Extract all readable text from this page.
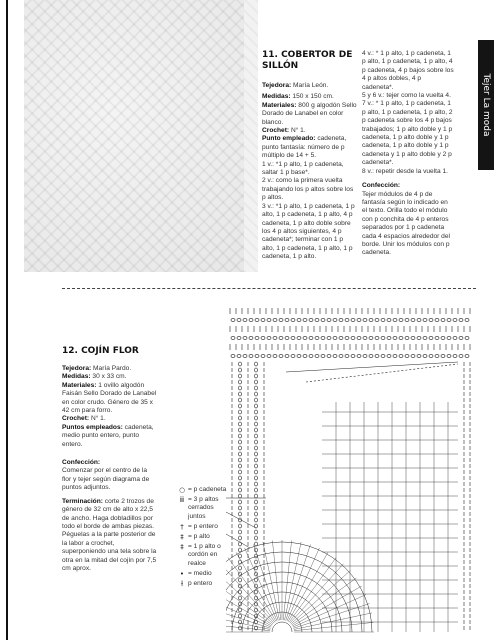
Tejer La moda
11. COBERTOR DE SILLÓN

Tejedora: María León.

Medidas: 150 x 150 cm.

Materiales: 800 g algodón Sello Dorado de Lanabel en color blanco.

Crochet: N° 1.

Punto empleado: cadeneta, punto fantasía: número de p múltiplo de 14 + 5.

1 v.: *1 p alto, 1 p cadeneta, saltar 1 p base*.

2 v.: como la primera vuelta trabajando los p altos sobre los p altos.

3 v.: *1 p alto, 1 p cadeneta, 1 p alto, 1 p cadeneta, 1 p alto, 4 p cadeneta, 1 p alto doble sobre los 4 p altos siguientes, 4 p cadeneta*; terminar con 1 p alto, 1 p cadeneta, 1 p alto, 1 p cadeneta, 1 p alto.

4 v.: * 1 p alto, 1 p cadeneta, 1 p alto, 1 p cadeneta, 1 p alto, 4 p cadeneta, 4 p bajos sobre los 4 p altos dobles, 4 p cadeneta*.

5 y 6 v.: tejer como la vuelta 4.

7 v.: * 1 p alto, 1 p cadeneta, 1 p alto, 1 p cadeneta, 1 p alto, 2 p cadeneta sobre los 4 p bajos trabajados; 1 p alto doble y 1 p cadeneta, 1 p alto doble y 1 p cadeneta, 1 p alto doble y 1 p cadeneta y 1 p alto doble y 2 p cadeneta*.

8 v.: repetir desde la vuelta 1.

Confección:

Tejer módulos de 4 p de fantasía según lo indicado en el texto. Orilla todo el módulo con p conchita de 4 p enteros separados por 1 p cadeneta cada 4 espacios alrededor del borde. Unir los módulos con p cadeneta.

12. COJÍN FLOR

Tejedora: María Pardo.

Medidas: 30 x 33 cm.

Materiales: 1 ovillo algodón Faisán Sello Dorado de Lanabel en color crudo. Género de 35 x 42 cm para forro.

Crochet: N° 1.

Puntos empleados: cadeneta, medio punto entero, punto entero.

Confección:

Comenzar por el centro de la flor y tejer según diagrama de puntos adjuntos.

Terminación: corte 2 trozos de género de 32 cm de alto x 22,5 de ancho. Haga dobladillos por todo el borde de ambas piezas. Péguelas a la parte posterior de la labor a crochet, superponiendo una tela sobre la otra en la mitad del cojín por 7,5 cm aprox.

○ = p cadeneta
ⅲ = 3 p altos cerrados juntos
† = p entero
‡ = p alto
‡ = 1 p alto o cordón en realce
• = medio
ƚ p entero
